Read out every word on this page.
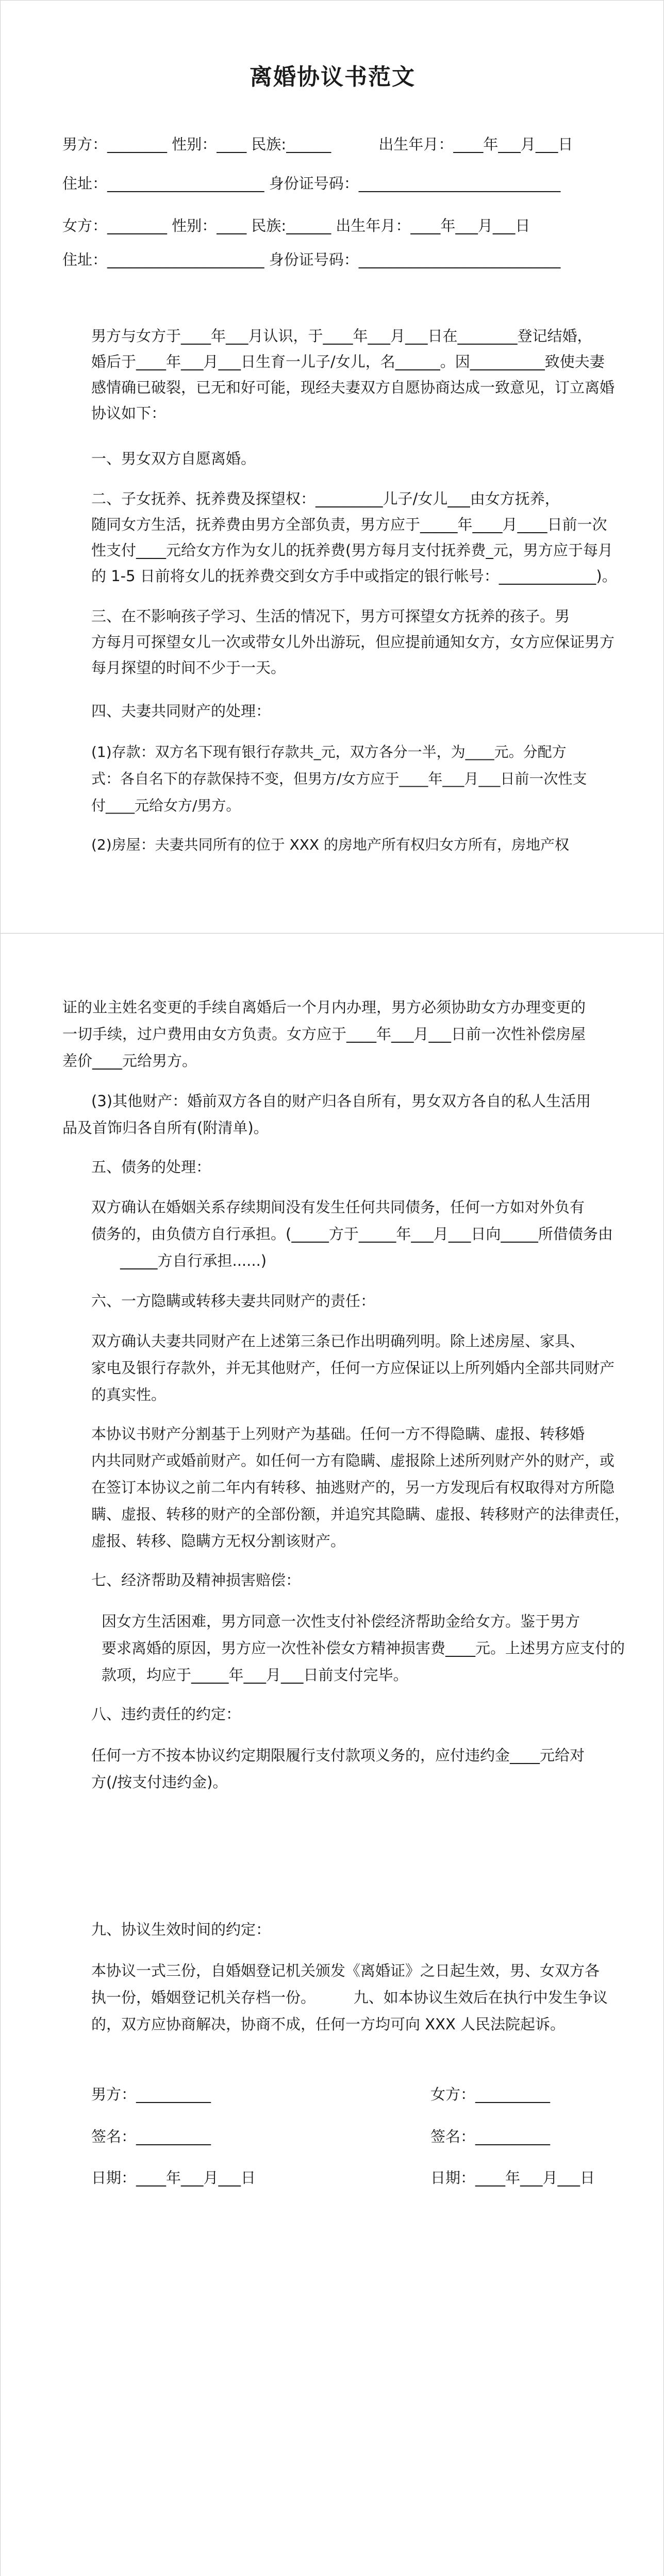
离婚协议书范文
男方：________ 性别：____ 民族:______          出生年月：____年___月___日
住址：_____________________ 身份证号码：___________________________
女方：________ 性别：____ 民族:______ 出生年月：____年___月___日
住址：_____________________ 身份证号码：___________________________
男方与女方于____年___月认识，于____年___月___日在________登记结婚，
婚后于____年___月___日生育一儿子/女儿，名______。因__________致使夫妻
感情确已破裂，已无和好可能，现经夫妻双方自愿协商达成一致意见，订立离婚
协议如下：
一、男女双方自愿离婚。
二、子女抚养、抚养费及探望权：_________儿子/女儿___由女方抚养，
随同女方生活，抚养费由男方全部负责，男方应于_____年____月____日前一次
性支付____元给女方作为女儿的抚养费(男方每月支付抚养费_元，男方应于每月
的 1-5 日前将女儿的抚养费交到女方手中或指定的银行帐号：_____________)。
三、在不影响孩子学习、生活的情况下，男方可探望女方抚养的孩子。男
方每月可探望女儿一次或带女儿外出游玩，但应提前通知女方，女方应保证男方
每月探望的时间不少于一天。
四、夫妻共同财产的处理：
(1)存款：双方名下现有银行存款共_元，双方各分一半，为____元。分配方
式：各自名下的存款保持不变，但男方/女方应于____年___月___日前一次性支
付____元给女方/男方。
(2)房屋：夫妻共同所有的位于 XXX 的房地产所有权归女方所有，房地产权
证的业主姓名变更的手续自离婚后一个月内办理，男方必须协助女方办理变更的
一切手续，过户费用由女方负责。女方应于____年___月___日前一次性补偿房屋
差价____元给男方。
(3)其他财产：婚前双方各自的财产归各自所有，男女双方各自的私人生活用
品及首饰归各自所有(附清单)。
五、债务的处理：
双方确认在婚姻关系存续期间没有发生任何共同债务，任何一方如对外负有
债务的，由负债方自行承担。(_____方于_____年___月___日向_____所借债务由
_____方自行承担......)
六、一方隐瞒或转移夫妻共同财产的责任：
双方确认夫妻共同财产在上述第三条已作出明确列明。除上述房屋、家具、
家电及银行存款外，并无其他财产，任何一方应保证以上所列婚内全部共同财产
的真实性。
本协议书财产分割基于上列财产为基础。任何一方不得隐瞒、虚报、转移婚
内共同财产或婚前财产。如任何一方有隐瞒、虚报除上述所列财产外的财产，或
在签订本协议之前二年内有转移、抽逃财产的，另一方发现后有权取得对方所隐
瞒、虚报、转移的财产的全部份额，并追究其隐瞒、虚报、转移财产的法律责任，
虚报、转移、隐瞒方无权分割该财产。
七、经济帮助及精神损害赔偿：
因女方生活困难，男方同意一次性支付补偿经济帮助金给女方。鉴于男方
要求离婚的原因，男方应一次性补偿女方精神损害费____元。上述男方应支付的
款项，均应于_____年___月___日前支付完毕。
八、违约责任的约定：
任何一方不按本协议约定期限履行支付款项义务的，应付违约金____元给对
方(/按支付违约金)。
九、协议生效时间的约定：
本协议一式三份，自婚姻登记机关颁发《离婚证》之日起生效，男、女双方各
执一份，婚姻登记机关存档一份。        九、如本协议生效后在执行中发生争议
的，双方应协商解决，协商不成，任何一方均可向 XXX 人民法院起诉。
男方：__________	女方：__________
签名：__________	签名：__________
日期：____年___月___日	日期：____年___月___日
